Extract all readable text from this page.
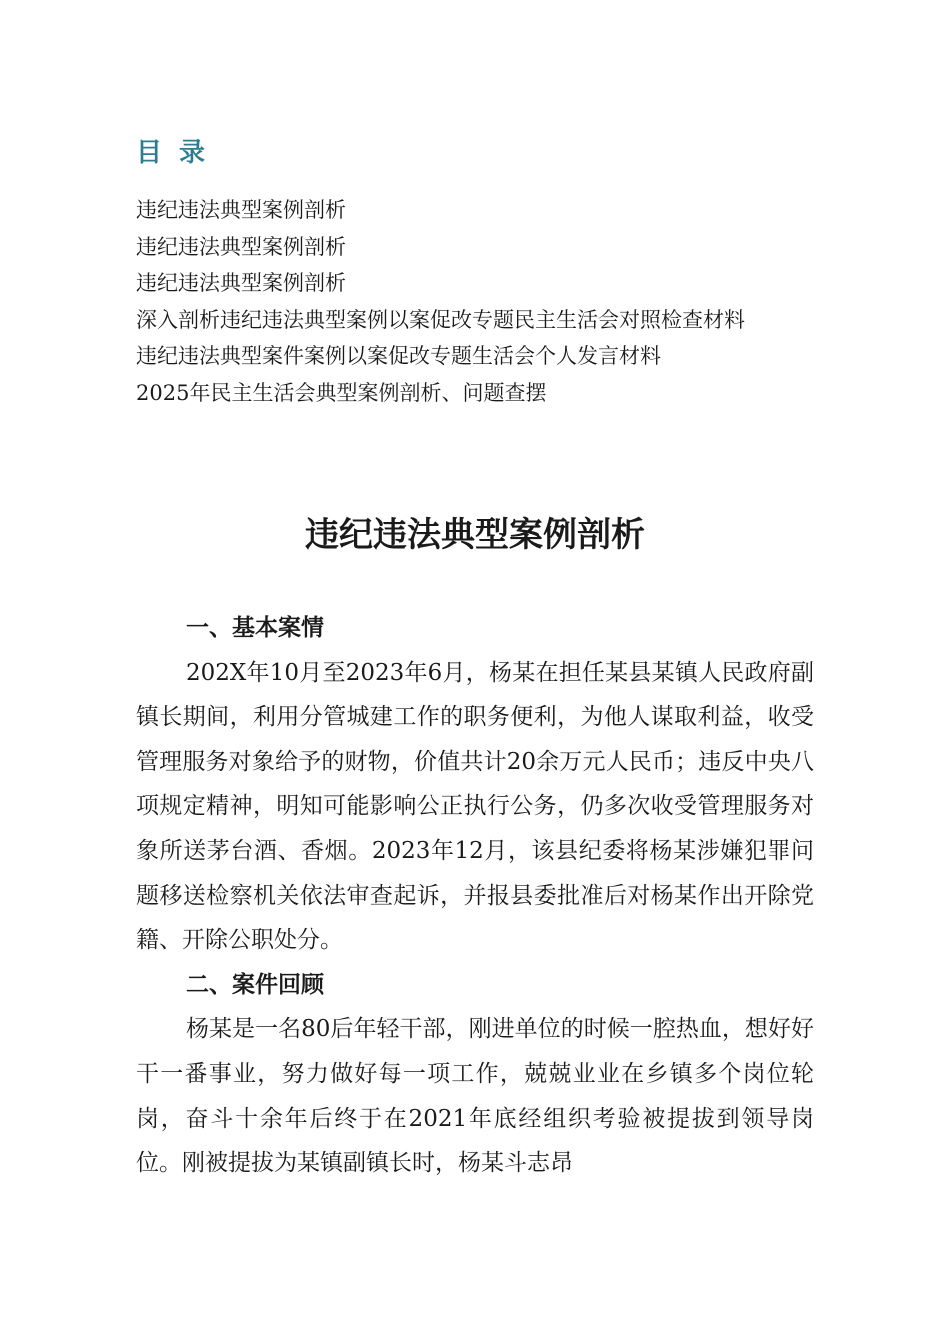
目 录
违纪违法典型案例剖析
违纪违法典型案例剖析
违纪违法典型案例剖析
深入剖析违纪违法典型案例以案促改专题民主生活会对照检查材料
违纪违法典型案件案例以案促改专题生活会个人发言材料
2025年民主生活会典型案例剖析、问题查摆
违纪违法典型案例剖析
一、基本案情

202X年10月至2023年6月，杨某在担任某县某镇人民政府副镇长期间，利用分管城建工作的职务便利，为他人谋取利益，收受管理服务对象给予的财物，价值共计20余万元人民币；违反中央八项规定精神，明知可能影响公正执行公务，仍多次收受管理服务对象所送茅台酒、香烟。2023年12月，该县纪委将杨某涉嫌犯罪问题移送检察机关依法审查起诉，并报县委批准后对杨某作出开除党籍、开除公职处分。

二、案件回顾

杨某是一名80后年轻干部，刚进单位的时候一腔热血，想好好干一番事业，努力做好每一项工作，兢兢业业在乡镇多个岗位轮岗，奋斗十余年后终于在2021年底经组织考验被提拔到领导岗位。刚被提拔为某镇副镇长时，杨某斗志昂
